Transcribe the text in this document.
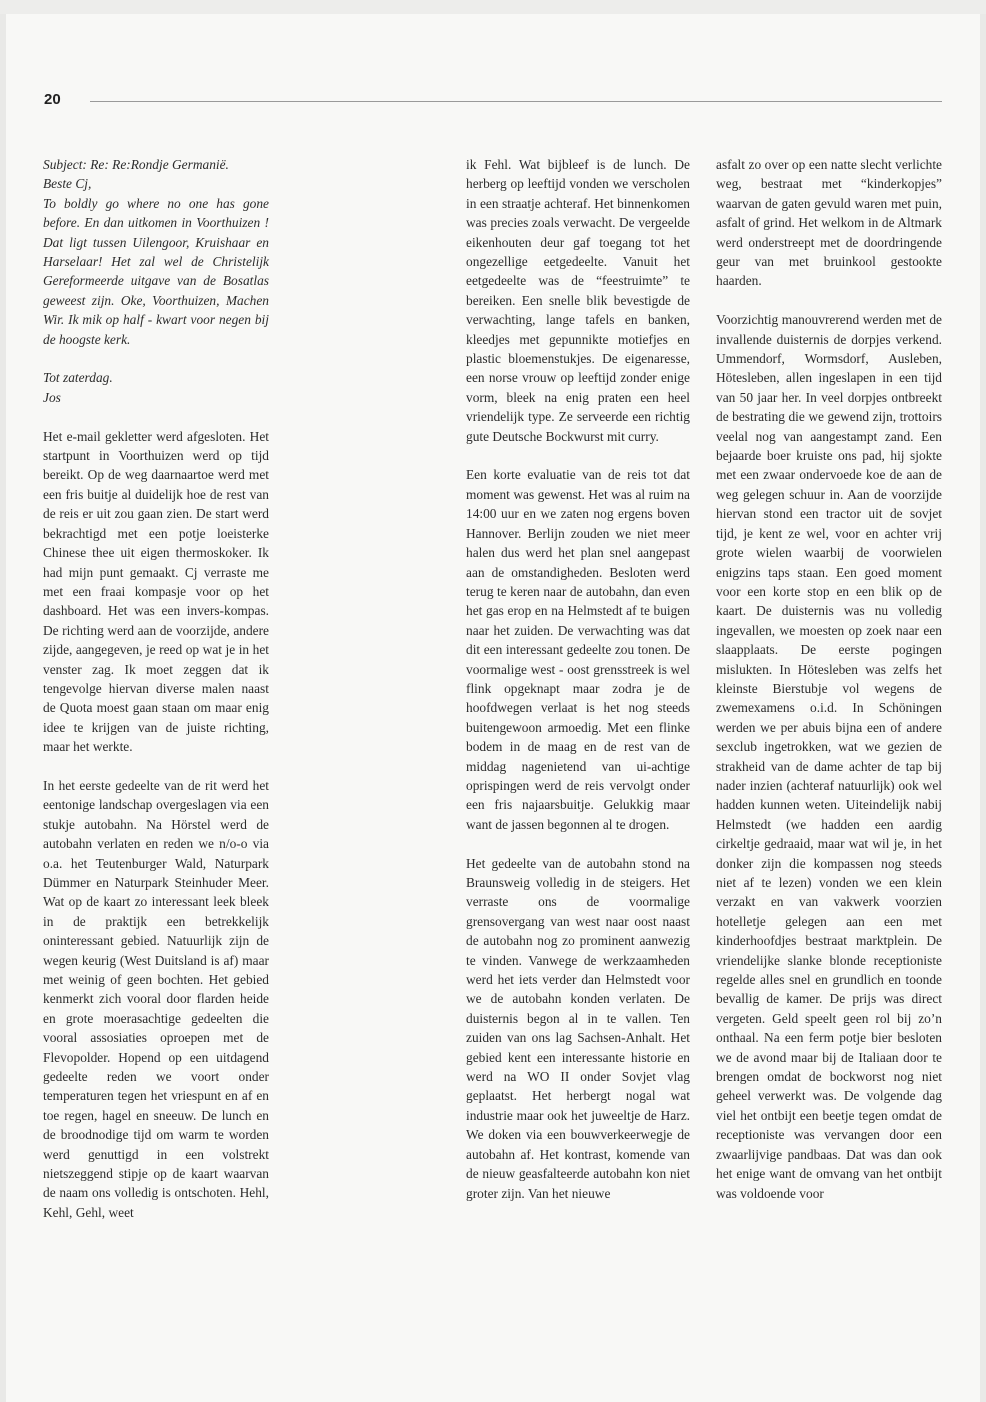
20
Subject: Re: Re:Rondje Germanië.
Beste Cj,
To boldly go where no one has gone before. En dan uitkomen in Voorthuizen ! Dat ligt tussen Uilengoor, Kruishaar en Harselaar! Het zal wel de Christelijk Gereformeerde uitgave van de Bosatlas geweest zijn. Oke, Voorthuizen, Machen Wir. Ik mik op half - kwart voor negen bij de hoogste kerk.
Tot zaterdag.
Jos

Het e-mail gekletter werd afgesloten. Het startpunt in Voorthuizen werd op tijd bereikt. Op de weg daarnaartoe werd met een fris buitje al duidelijk hoe de rest van de reis er uit zou gaan zien. De start werd bekrachtigd met een potje loeisterke Chinese thee uit eigen thermoskoker. Ik had mijn punt gemaakt. Cj verraste me met een fraai kompasje voor op het dashboard. Het was een invers-kompas. De richting werd aan de voorzijde, andere zijde, aangegeven, je reed op wat je in het venster zag. Ik moet zeggen dat ik tengevolge hiervan diverse malen naast de Quota moest gaan staan om maar enig idee te krijgen van de juiste richting, maar het werkte.

In het eerste gedeelte van de rit werd het eentonige landschap overgeslagen via een stukje autobahn. Na Hörstel werd de autobahn verlaten en reden we n/o-o via o.a. het Teutenburger Wald, Naturpark Dümmer en Naturpark Steinhuder Meer. Wat op de kaart zo interessant leek bleek in de praktijk een betrekkelijk oninteressant gebied. Natuurlijk zijn de wegen keurig (West Duitsland is af) maar met weinig of geen bochten. Het gebied kenmerkt zich vooral door flarden heide en grote moerasachtige gedeelten die vooral assosiaties oproepen met de Flevopolder. Hopend op een uitdagend gedeelte reden we voort onder temperaturen tegen het vriespunt en af en toe regen, hagel en sneeuw. De lunch en de broodnodige tijd om warm te worden werd genuttigd in een volstrekt nietszeggend stipje op de kaart waarvan de naam ons volledig is ontschoten. Hehl, Kehl, Gehl, weet

ik Fehl. Wat bijbleef is de lunch. De herberg op leeftijd vonden we verscholen in een straatje achteraf. Het binnenkomen was precies zoals verwacht. De vergeelde eikenhouten deur gaf toegang tot het ongezellige eetgedeelte. Vanuit het eetgedeelte was de “feestruimte” te bereiken. Een snelle blik bevestigde de verwachting, lange tafels en banken, kleedjes met gepunnikte motiefjes en plastic bloemenstukjes. De eigenaresse, een norse vrouw op leeftijd zonder enige vorm, bleek na enig praten een heel vriendelijk type. Ze serveerde een richtig gute Deutsche Bockwurst mit curry.

Een korte evaluatie van de reis tot dat moment was gewenst. Het was al ruim na 14:00 uur en we zaten nog ergens boven Hannover. Berlijn zouden we niet meer halen dus werd het plan snel aangepast aan de omstandigheden. Besloten werd terug te keren naar de autobahn, dan even het gas erop en na Helmstedt af te buigen naar het zuiden. De verwachting was dat dit een interessant gedeelte zou tonen. De voormalige west - oost grensstreek is wel flink opgeknapt maar zodra je de hoofdwegen verlaat is het nog steeds buitengewoon armoedig. Met een flinke bodem in de maag en de rest van de middag nagenietend van ui-achtige oprispingen werd de reis vervolgt onder een fris najaarsbuitje. Gelukkig maar want de jassen begonnen al te drogen.

Het gedeelte van de autobahn stond na Braunsweig volledig in de steigers. Het verraste ons de voormalige grensovergang van west naar oost naast de autobahn nog zo prominent aanwezig te vinden. Vanwege de werkzaamheden werd het iets verder dan Helmstedt voor we de autobahn konden verlaten. De duisternis begon al in te vallen. Ten zuiden van ons lag Sachsen-Anhalt. Het gebied kent een interessante historie en werd na WO II onder Sovjet vlag geplaatst. Het herbergt nogal wat industrie maar ook het juweeltje de Harz. We doken via een bouwverkeerwegje de autobahn af. Het kontrast, komende van de nieuw geasfalteerde autobahn kon niet groter zijn. Van het nieuwe

asfalt zo over op een natte slecht verlichte weg, bestraat met “kinderkopjes” waarvan de gaten gevuld waren met puin, asfalt of grind. Het welkom in de Altmark werd onderstreept met de doordringende geur van met bruinkool gestookte haarden.

Voorzichtig manouvrerend werden met de invallende duisternis de dorpjes verkend. Ummendorf, Wormsdorf, Ausleben, Hötesleben, allen ingeslapen in een tijd van 50 jaar her. In veel dorpjes ontbreekt de bestrating die we gewend zijn, trottoirs veelal nog van aangestampt zand. Een bejaarde boer kruiste ons pad, hij sjokte met een zwaar ondervoede koe de aan de weg gelegen schuur in. Aan de voorzijde hiervan stond een tractor uit de sovjet tijd, je kent ze wel, voor en achter vrij grote wielen waarbij de voorwielen enigzins taps staan. Een goed moment voor een korte stop en een blik op de kaart. De duisternis was nu volledig ingevallen, we moesten op zoek naar een slaapplaats. De eerste pogingen mislukten. In Hötesleben was zelfs het kleinste Bierstubje vol wegens de zwemexamens o.i.d. In Schöningen werden we per abuis bijna een of andere sexclub ingetrokken, wat we gezien de strakheid van de dame achter de tap bij nader inzien (achteraf natuurlijk) ook wel hadden kunnen weten. Uiteindelijk nabij Helmstedt (we hadden een aardig cirkeltje gedraaid, maar wat wil je, in het donker zijn die kompassen nog steeds niet af te lezen) vonden we een klein verzakt en van vakwerk voorzien hotelletje gelegen aan een met kinderhoofdjes bestraat marktplein. De vriendelijke slanke blonde receptioniste regelde alles snel en grundlich en toonde bevallig de kamer. De prijs was direct vergeten. Geld speelt geen rol bij zo’n onthaal. Na een ferm potje bier besloten we de avond maar bij de Italiaan door te brengen omdat de bockworst nog niet geheel verwerkt was. De volgende dag viel het ontbijt een beetje tegen omdat de receptioniste was vervangen door een zwaarlijvige pandbaas. Dat was dan ook het enige want de omvang van het ontbijt was voldoende voor
